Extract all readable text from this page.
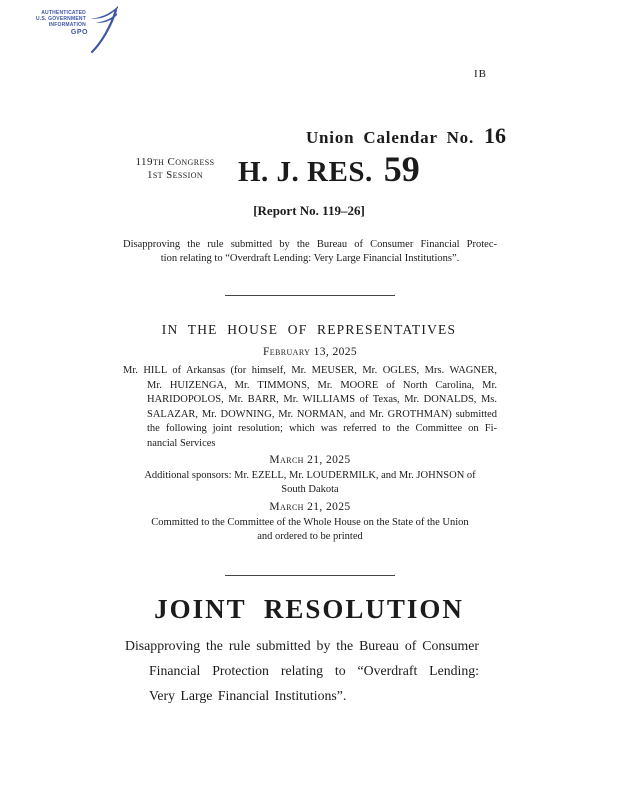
AUTHENTICATED
U.S. GOVERNMENT
INFORMATION
GPO
IB
Union Calendar No. 16
119th Congress
1st Session	H. J. RES. 59
[Report No. 119–26]
Disapproving the rule submitted by the Bureau of Consumer Financial Protec-
tion relating to “Overdraft Lending: Very Large Financial Institutions”.
IN THE HOUSE OF REPRESENTATIVES
February 13, 2025
Mr. HILL of Arkansas (for himself, Mr. MEUSER, Mr. OGLES, Mrs. WAGNER,
Mr. HUIZENGA, Mr. TIMMONS, Mr. MOORE of North Carolina, Mr.
HARIDOPOLOS, Mr. BARR, Mr. WILLIAMS of Texas, Mr. DONALDS, Ms.
SALAZAR, Mr. DOWNING, Mr. NORMAN, and Mr. GROTHMAN) submitted
the following joint resolution; which was referred to the Committee on Fi-
nancial Services
March 21, 2025
Additional sponsors: Mr. EZELL, Mr. LOUDERMILK, and Mr. JOHNSON of
South Dakota
March 21, 2025
Committed to the Committee of the Whole House on the State of the Union
and ordered to be printed
JOINT RESOLUTION
Disapproving the rule submitted by the Bureau of Consumer
Financial Protection relating to “Overdraft Lending:
Very Large Financial Institutions”.
